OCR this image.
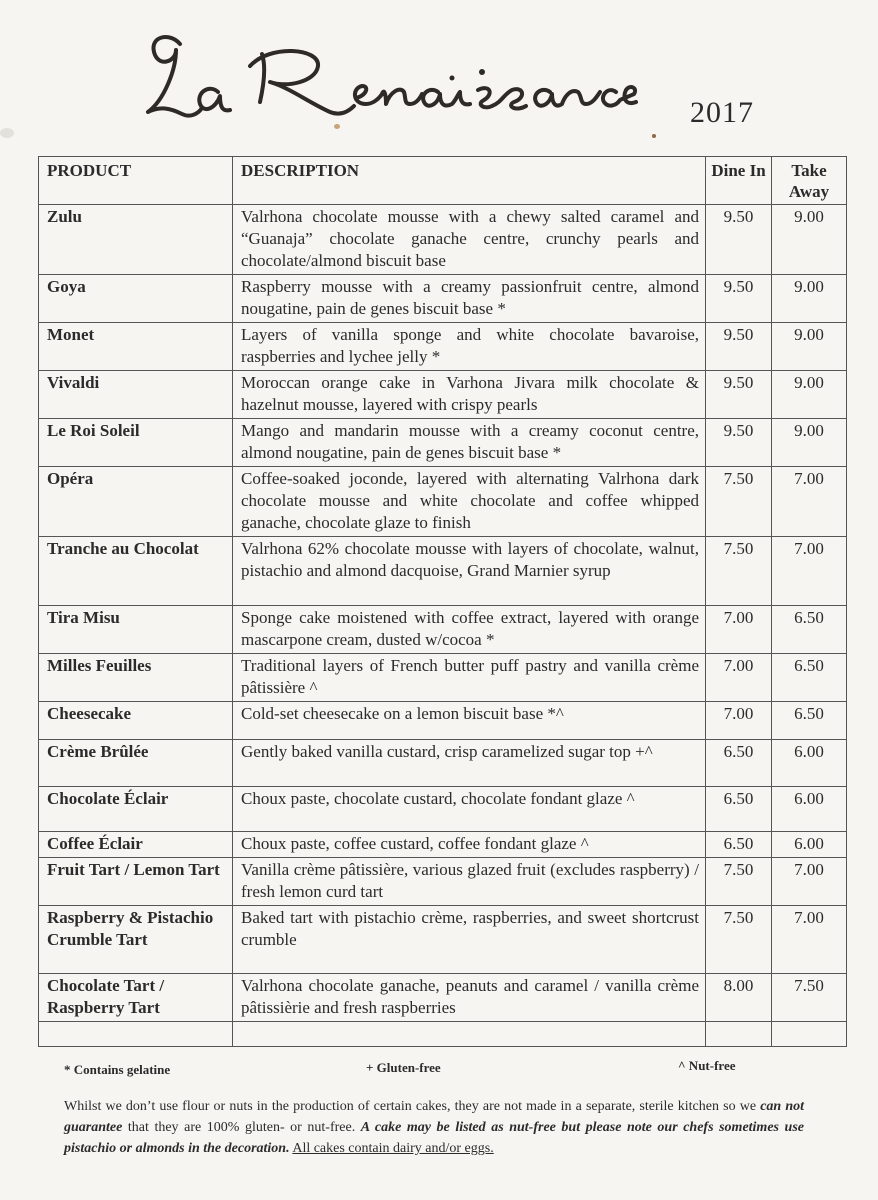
2017
PRODUCT	DESCRIPTION	Dine In	Take Away
Zulu	Valrhona chocolate mousse with a chewy salted caramel and “Guanaja” chocolate ganache centre, crunchy pearls and chocolate/almond biscuit base	9.50	9.00
Goya	Raspberry mousse with a creamy passionfruit centre, almond nougatine, pain de genes biscuit base *	9.50	9.00
Monet	Layers of vanilla sponge and white chocolate bavaroise, raspberries and lychee jelly *	9.50	9.00
Vivaldi	Moroccan orange cake in Varhona Jivara milk chocolate & hazelnut mousse, layered with crispy pearls	9.50	9.00
Le Roi Soleil	Mango and mandarin mousse with a creamy coconut centre, almond nougatine, pain de genes biscuit base *	9.50	9.00
Opéra	Coffee-soaked joconde, layered with alternating Valrhona dark chocolate mousse and white chocolate and coffee whipped ganache, chocolate glaze to finish	7.50	7.00
Tranche au Chocolat	Valrhona 62% chocolate mousse with layers of chocolate, walnut, pistachio and almond dacquoise, Grand Marnier syrup	7.50	7.00
Tira Misu	Sponge cake moistened with coffee extract, layered with orange mascarpone cream, dusted w/cocoa *	7.00	6.50
Milles Feuilles	Traditional layers of French butter puff pastry and vanilla crème pâtissière ^	7.00	6.50
Cheesecake	Cold-set cheesecake on a lemon biscuit base *^	7.00	6.50
Crème Brûlée	Gently baked vanilla custard, crisp caramelized sugar top +^	6.50	6.00
Chocolate Éclair	Choux paste, chocolate custard, chocolate fondant glaze ^	6.50	6.00
Coffee Éclair	Choux paste, coffee custard, coffee fondant glaze ^	6.50	6.00
Fruit Tart / Lemon Tart	Vanilla crème pâtissière, various glazed fruit (excludes raspberry) / fresh lemon curd tart	7.50	7.00
Raspberry & Pistachio Crumble Tart	Baked tart with pistachio crème, raspberries, and sweet shortcrust crumble	7.50	7.00
Chocolate Tart / Raspberry Tart	Valrhona chocolate ganache, peanuts and caramel / vanilla crème pâtissièrie and fresh raspberries	8.00	7.50

* Contains gelatine	+ Gluten-free	^ Nut-free
Whilst we don’t use flour or nuts in the production of certain cakes, they are not made in a separate, sterile kitchen so we can not guarantee that they are 100% gluten- or nut-free. A cake may be listed as nut-free but please note our chefs sometimes use pistachio or almonds in the decoration. All cakes contain dairy and/or eggs.
